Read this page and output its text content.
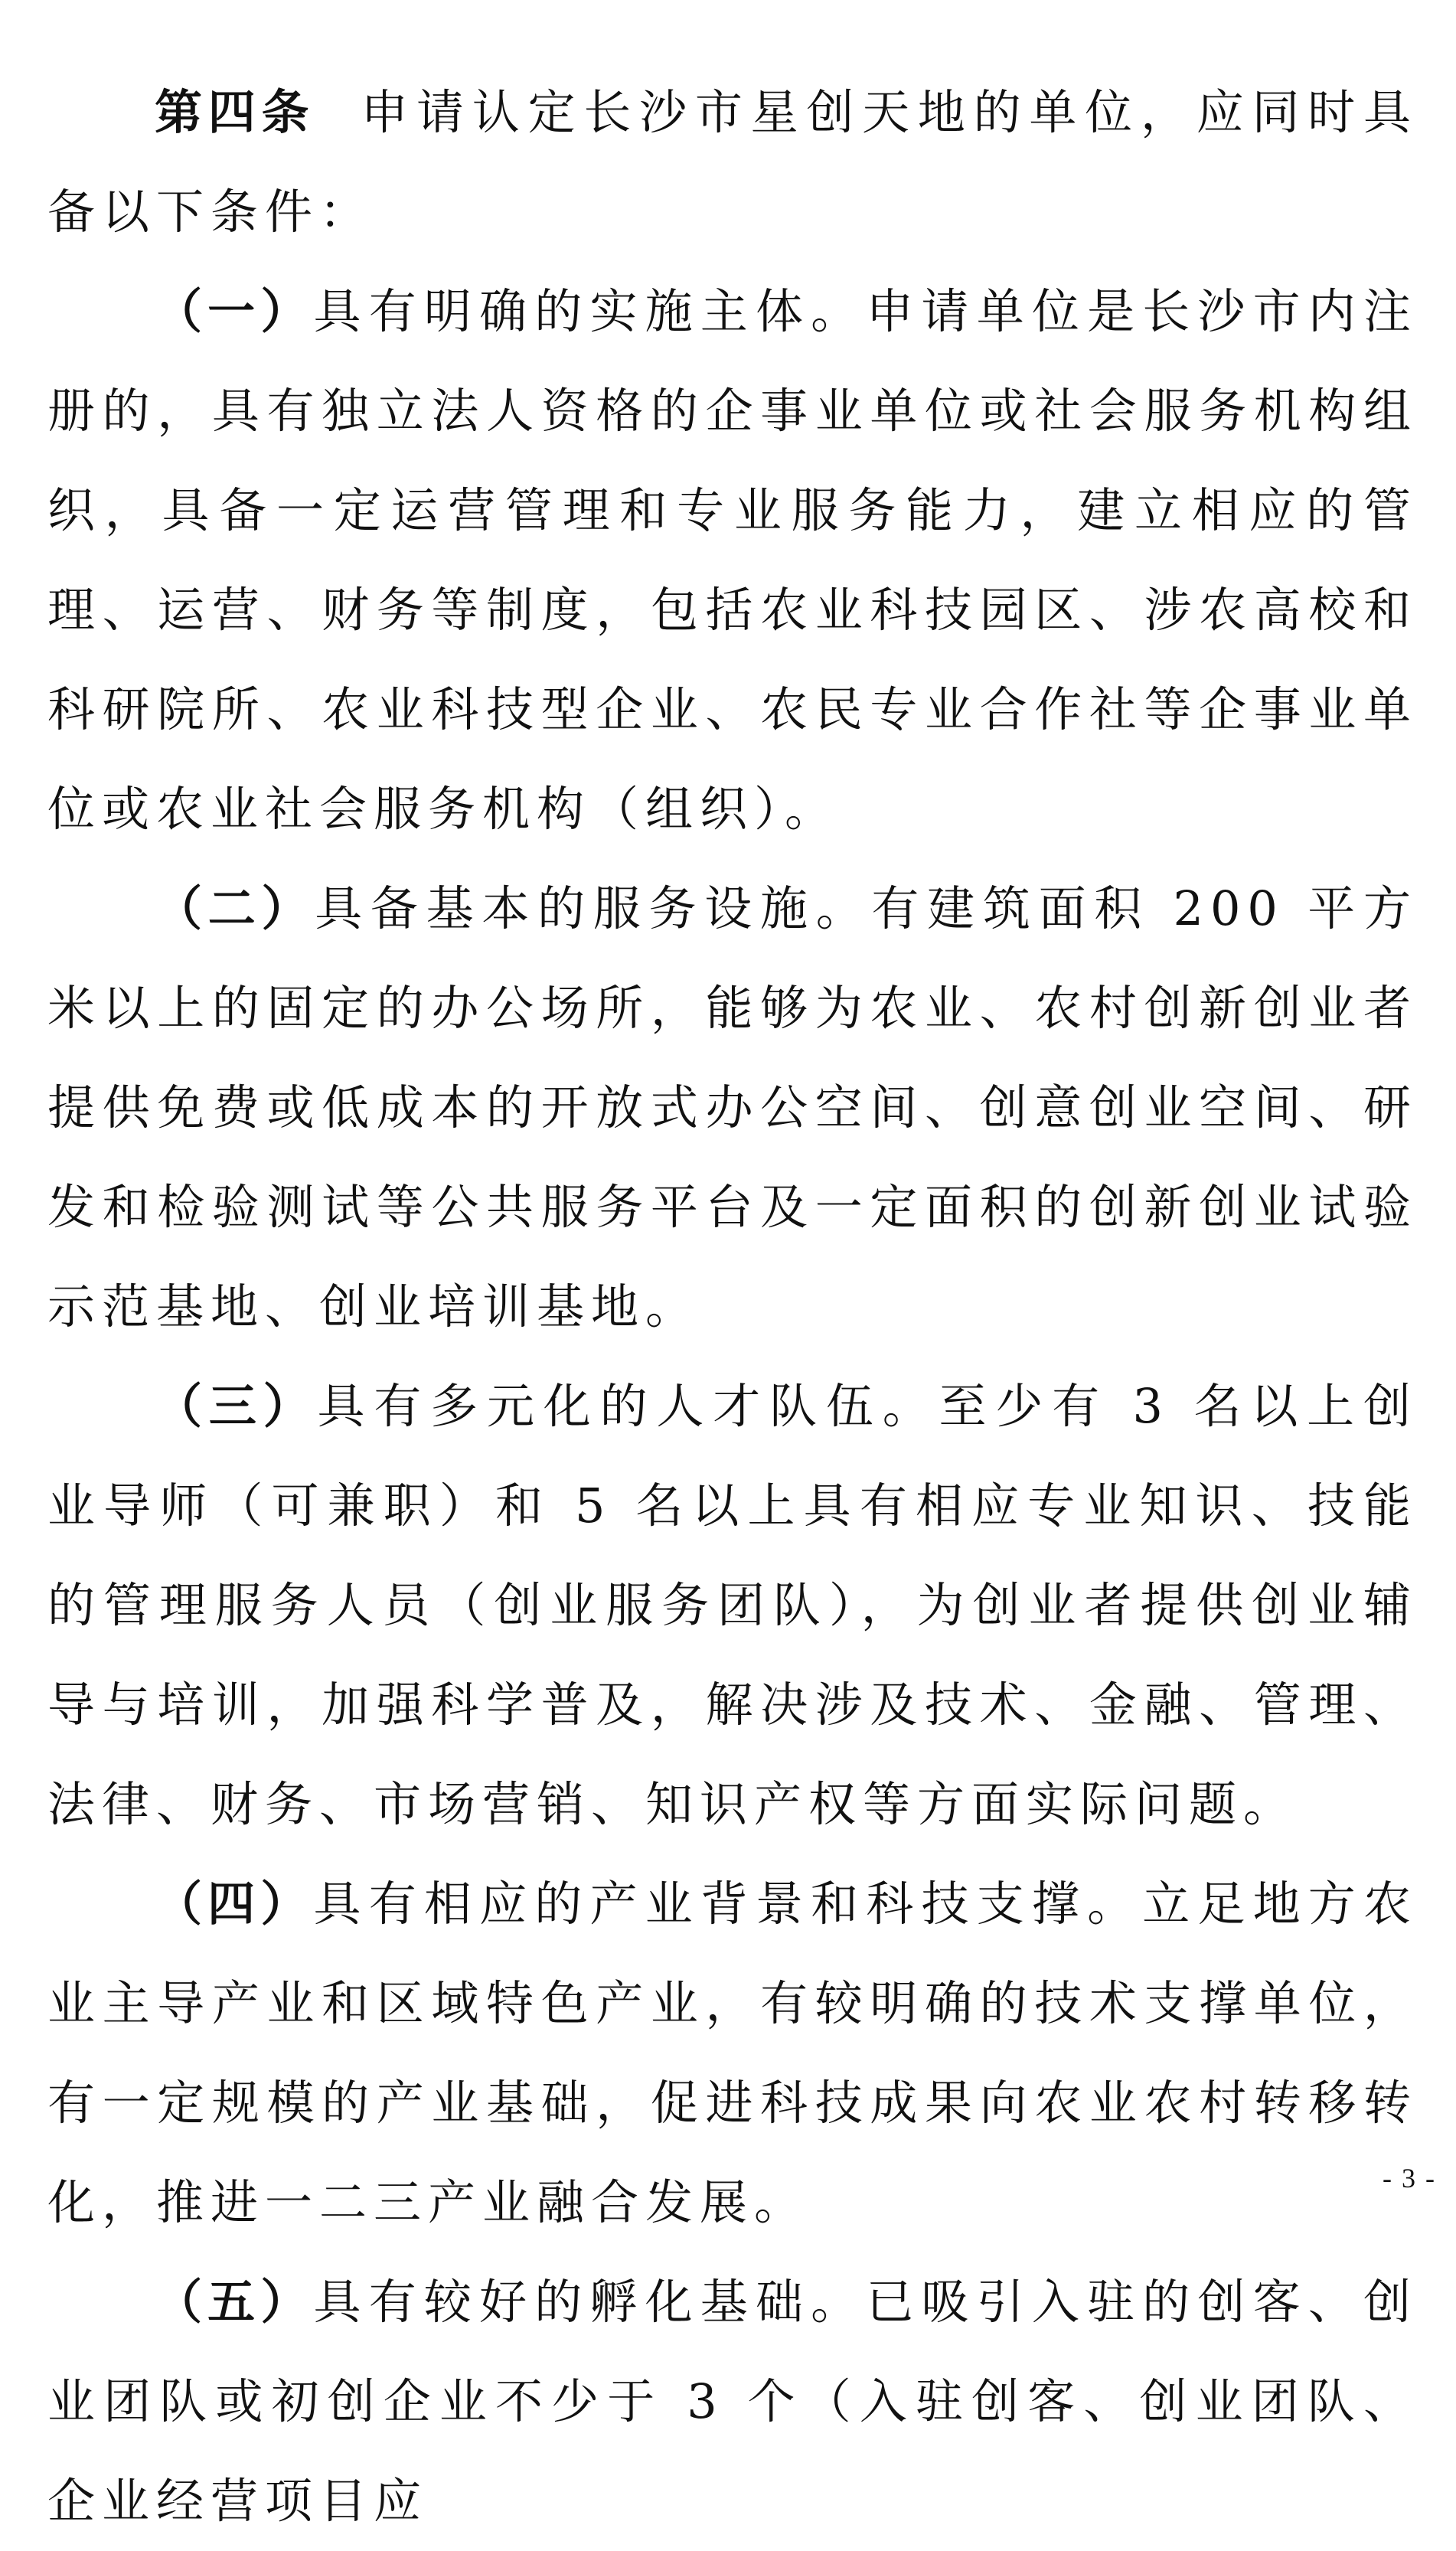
第四条 申请认定长沙市星创天地的单位，应同时具备以下条件：

（一）具有明确的实施主体。申请单位是长沙市内注册的，具有独立法人资格的企事业单位或社会服务机构组织，具备一定运营管理和专业服务能力，建立相应的管理、运营、财务等制度，包括农业科技园区、涉农高校和科研院所、农业科技型企业、农民专业合作社等企事业单位或农业社会服务机构（组织）。

（二）具备基本的服务设施。有建筑面积 200 平方米以上的固定的办公场所，能够为农业、农村创新创业者提供免费或低成本的开放式办公空间、创意创业空间、研发和检验测试等公共服务平台及一定面积的创新创业试验示范基地、创业培训基地。

（三）具有多元化的人才队伍。至少有 3 名以上创业导师（可兼职）和 5 名以上具有相应专业知识、技能的管理服务人员（创业服务团队），为创业者提供创业辅导与培训，加强科学普及，解决涉及技术、金融、管理、法律、财务、市场营销、知识产权等方面实际问题。

（四）具有相应的产业背景和科技支撑。立足地方农业主导产业和区域特色产业，有较明确的技术支撑单位，有一定规模的产业基础，促进科技成果向农业农村转移转化，推进一二三产业融合发展。

（五）具有较好的孵化基础。已吸引入驻的创客、创业团队或初创企业不少于 3 个（入驻创客、创业团队、企业经营项目应

- 3 -
